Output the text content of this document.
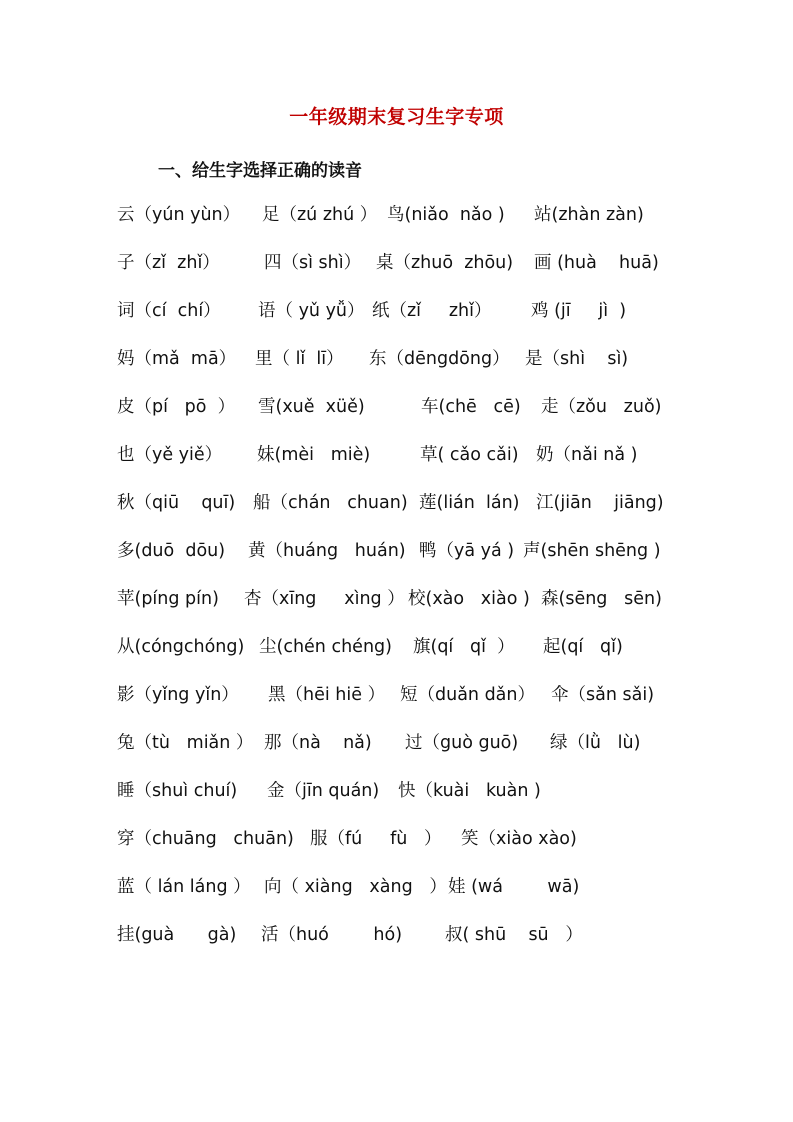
一年级期末复习生字专项
一、给生字选择正确的读音
云（yún yùn） 足（zú zhú ） 鸟(niǎo  nǎo ) 站(zhàn zàn)
子（zǐ  zhǐ）	四（sì shì） 桌（zhuō  zhōu) 画 (huà    huā)
词（cí  chí） 语（ yǔ yǚ） 纸（zǐ     zhǐ） 鸡 (jī     jì  )
妈（mǎ  mā） 里（ lǐ  lī） 东（dēngdōng） 是（shì    sì)
皮（pí   pō  ） 雪(xuě  xüě)	车(chē   cē) 走（zǒu   zuǒ)
也（yě yiě） 妹(mèi   miè)	草( cǎo cǎi) 奶（nǎi nǎ )
秋（qiū    quī) 船（chán   chuan) 莲(lián  lán) 江(jiān    jiāng)
多(duō  dōu) 黄（huáng   huán) 鸭（yā yá ) 声(shēn shēng )
苹(píng pín) 杏（xīng     xìng ） 校(xào   xiào ) 森(sēng   sēn)
从(cóngchóng) 尘(chén chéng) 旗(qí   qǐ  ） 起(qí   qǐ)
影（yǐng yǐn） 黑（hēi hiē ） 短（duǎn dǎn） 伞（sǎn sǎi)
兔（tù   miǎn ） 那（nà    nǎ) 过（guò guō) 绿（lǜ   lù)
睡（shuì chuí) 金（jīn quán) 快（kuài   kuàn )
穿（chuāng   chuān) 服（fú     fù   ） 笑（xiào xào)
蓝（ lán láng ） 向（ xiàng   xàng   ） 娃 (wá        wā)
挂(guà      gà) 活（huó        hó) 叔( shū    sū   ）
